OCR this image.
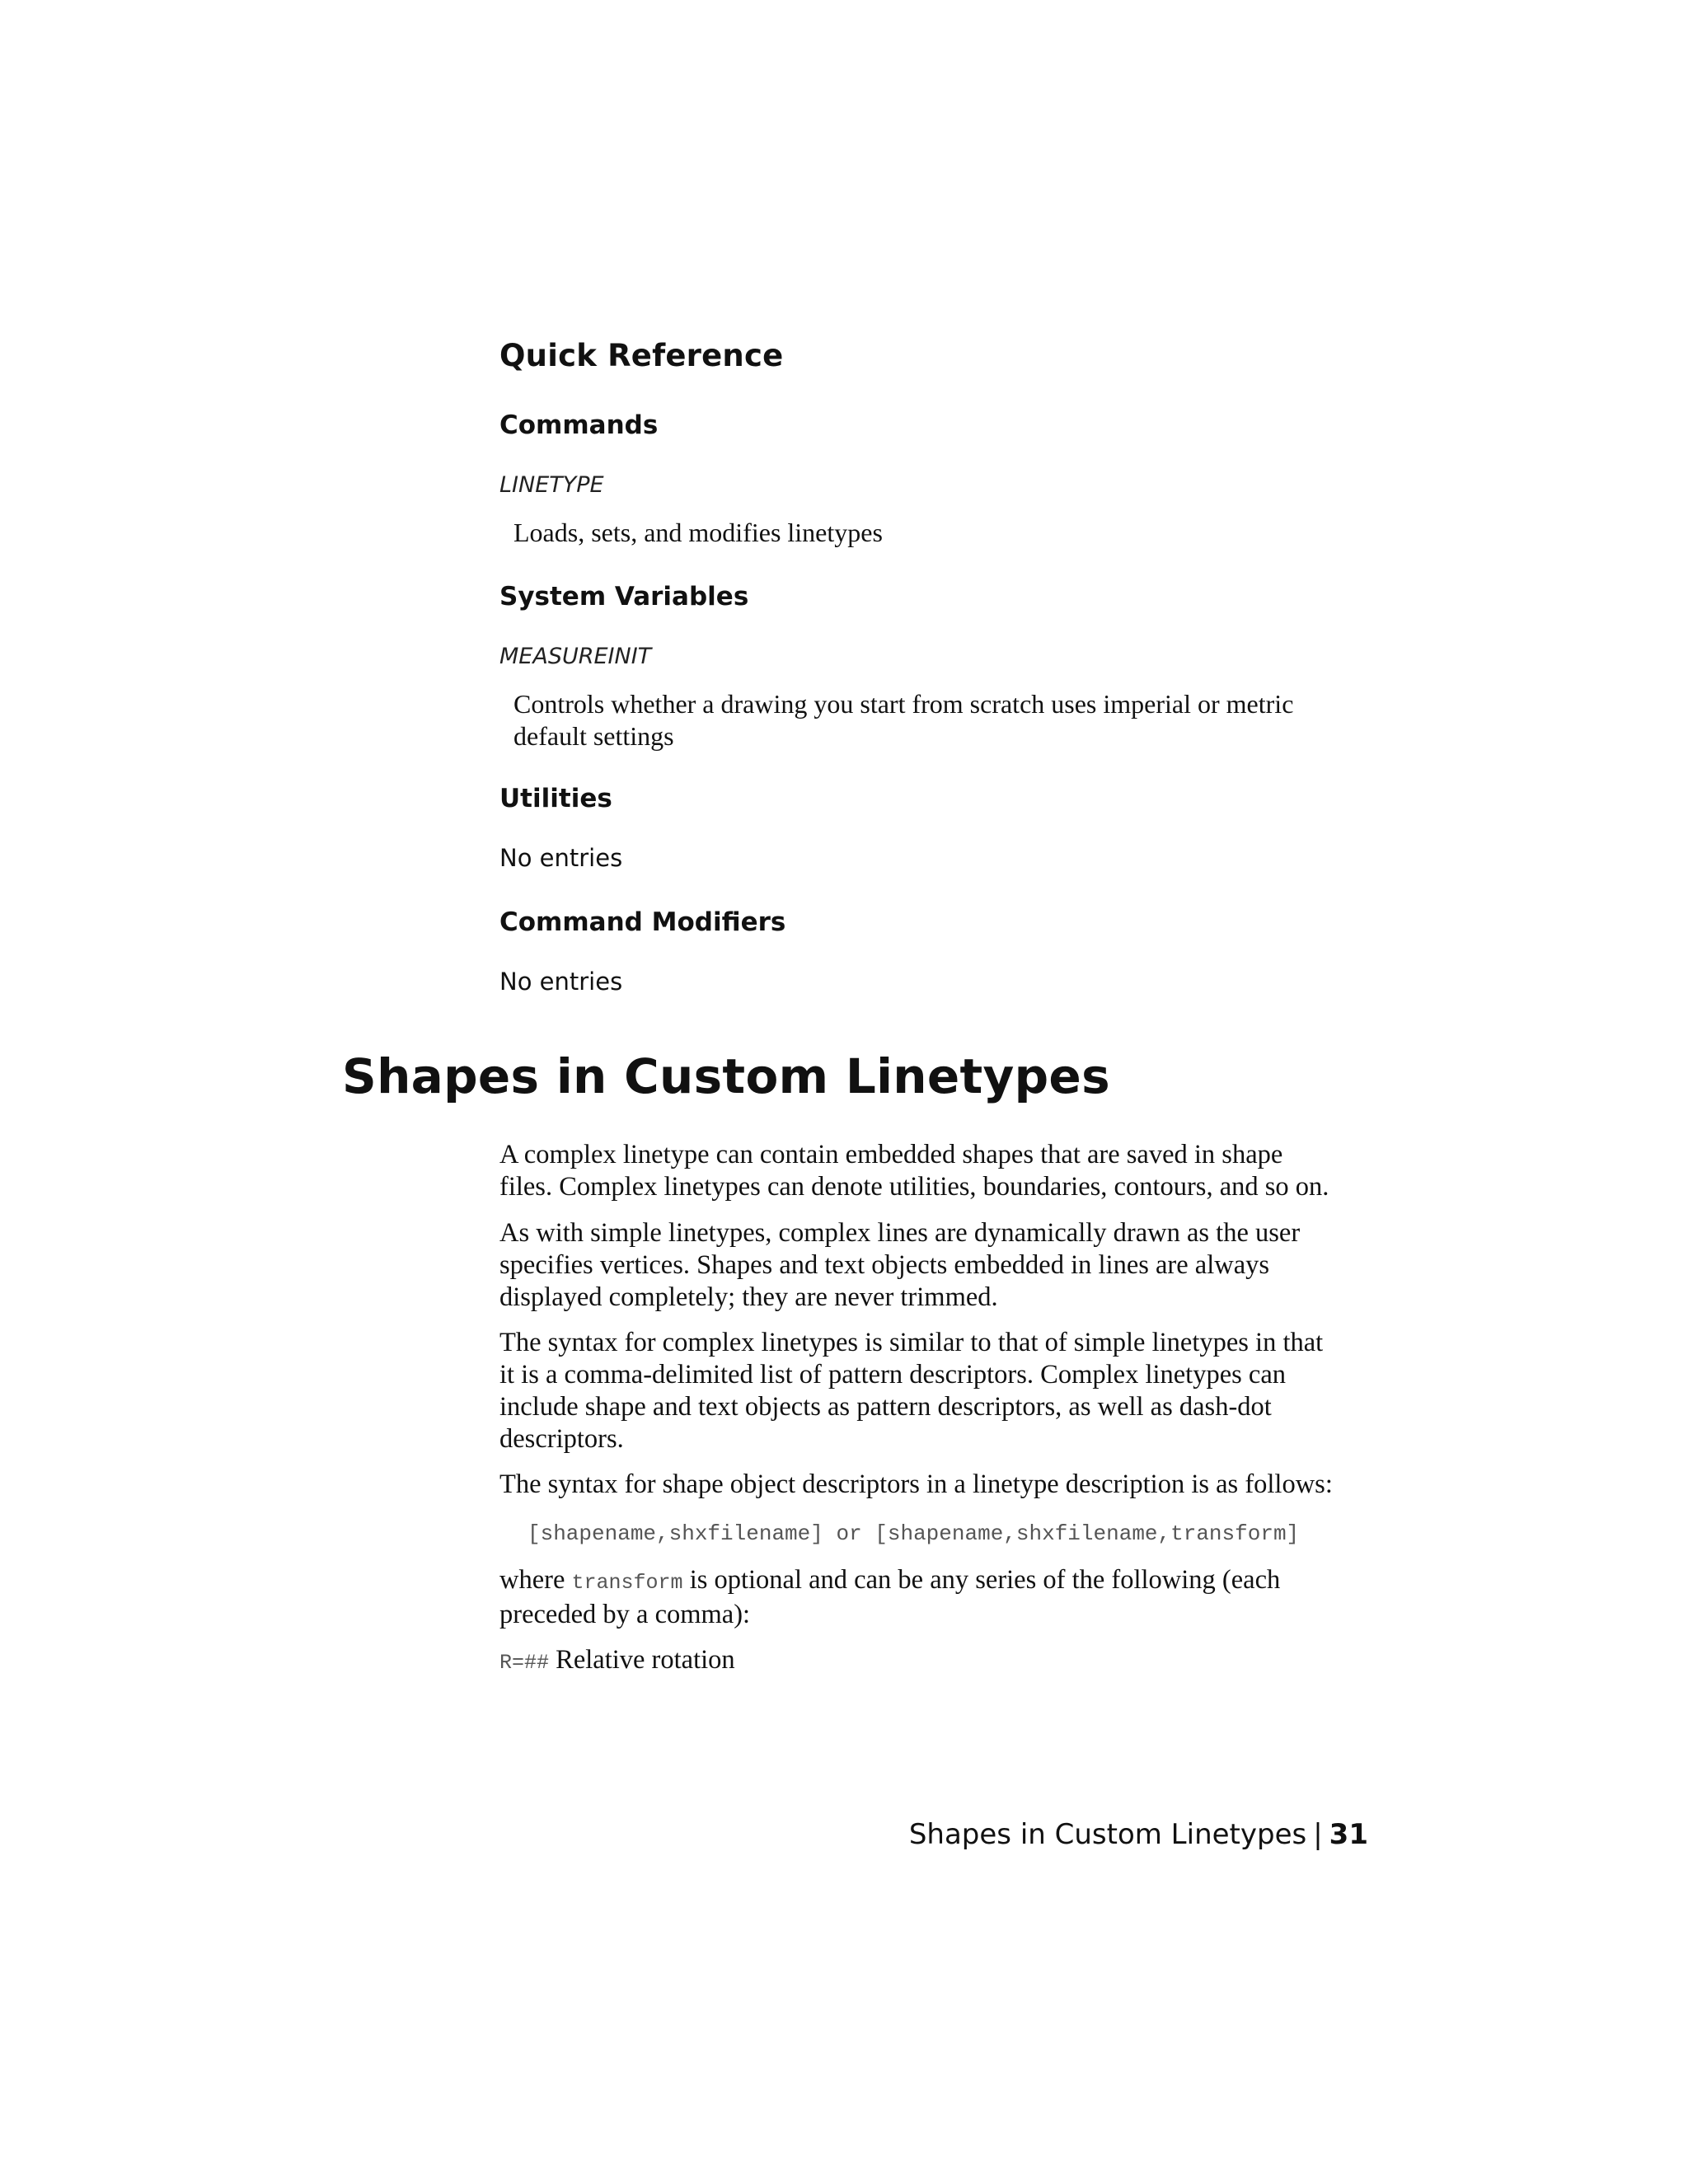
Quick Reference
Commands
LINETYPE
Loads, sets, and modifies linetypes
System Variables
MEASUREINIT
Controls whether a drawing you start from scratch uses imperial or metric
default settings
Utilities
No entries
Command Modifiers
No entries
Shapes in Custom Linetypes
A complex linetype can contain embedded shapes that are saved in shape
files. Complex linetypes can denote utilities, boundaries, contours, and so on.
As with simple linetypes, complex lines are dynamically drawn as the user
specifies vertices. Shapes and text objects embedded in lines are always
displayed completely; they are never trimmed.
The syntax for complex linetypes is similar to that of simple linetypes in that
it is a comma-delimited list of pattern descriptors. Complex linetypes can
include shape and text objects as pattern descriptors, as well as dash-dot
descriptors.
The syntax for shape object descriptors in a linetype description is as follows:
[shapename,shxfilename] or [shapename,shxfilename,transform]
where transform is optional and can be any series of the following (each
preceded by a comma):
R=## Relative rotation
Shapes in Custom Linetypes | 31
